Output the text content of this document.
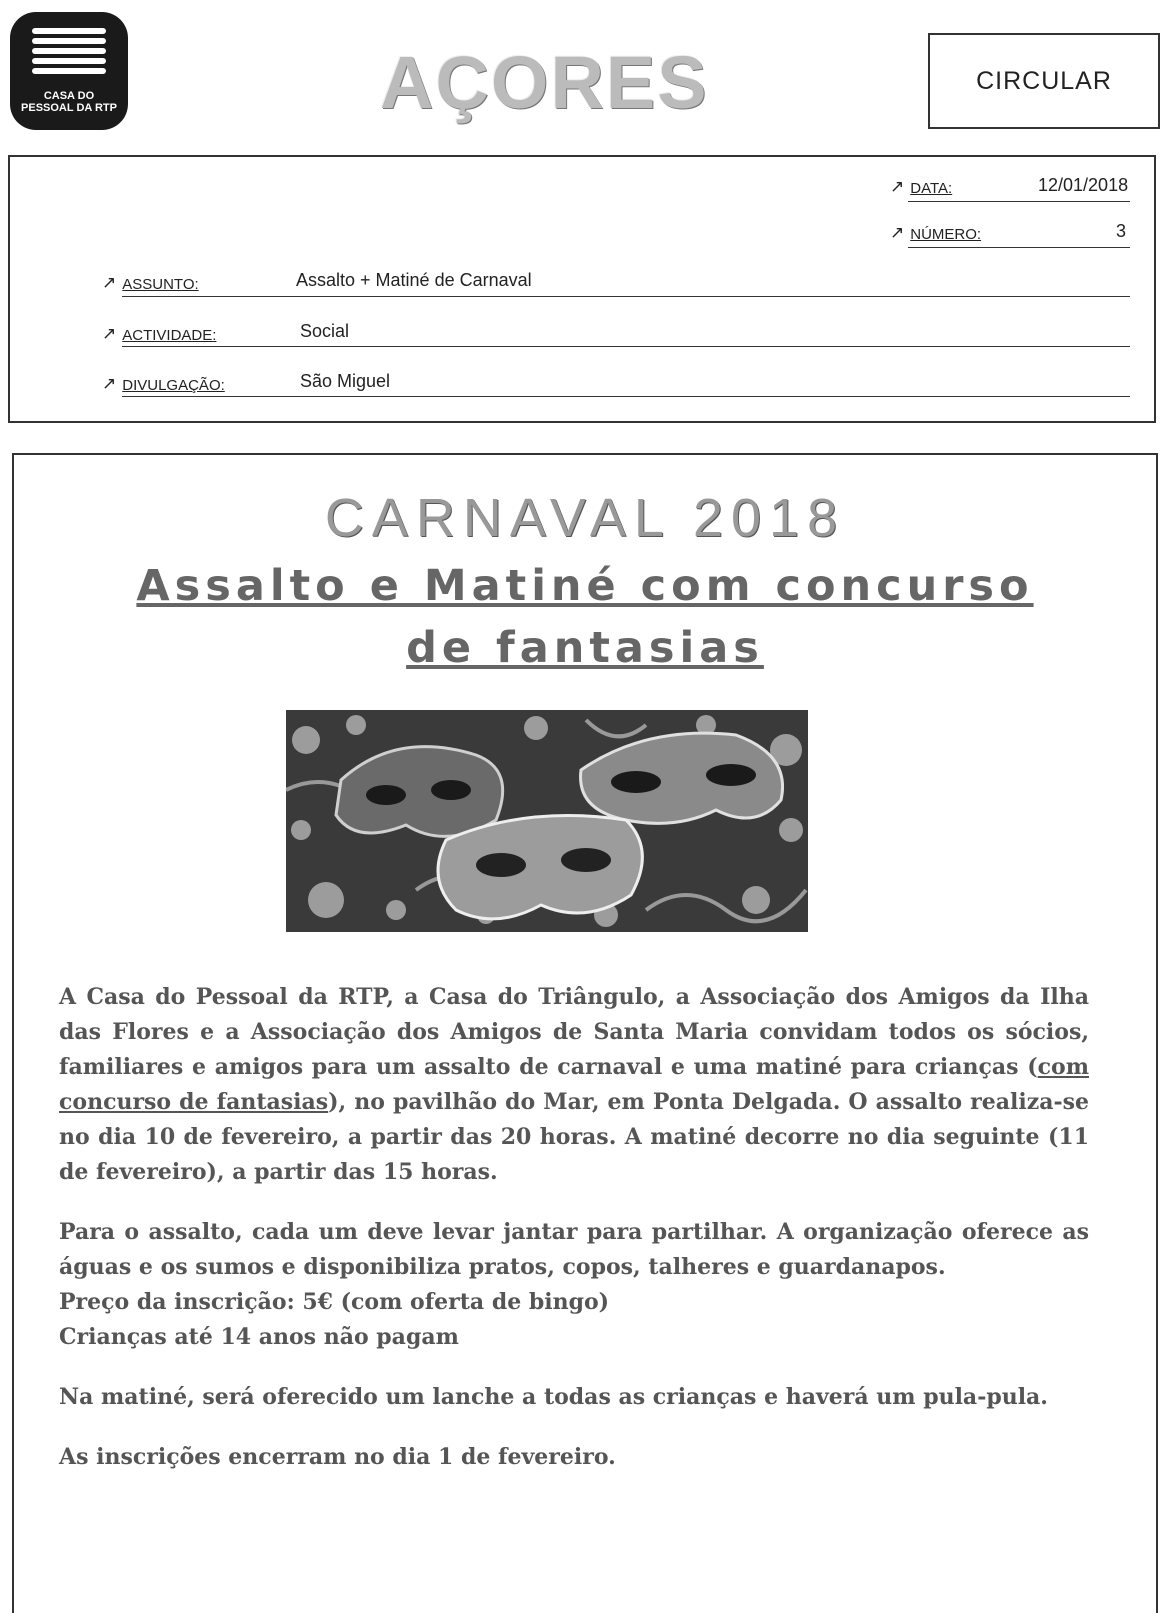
CASA DO
PESSOAL DA RTP	AÇORES	CIRCULAR
↗ DATA:	12/01/2018
↗ NÚMERO:	3
↗ ASSUNTO:	Assalto + Matiné de Carnaval
↗ ACTIVIDADE:	Social
↗ DIVULGAÇÃO:	São Miguel
CARNAVAL 2018
Assalto e Matiné com concurso
de fantasias

A Casa do Pessoal da RTP, a Casa do Triângulo, a Associação dos Amigos da Ilha das Flores e a Associação dos Amigos de Santa Maria convidam todos os sócios, familiares e amigos para um assalto de carnaval e uma matiné para crianças (com concurso de fantasias), no pavilhão do Mar, em Ponta Delgada. O assalto realiza-se no dia 10 de fevereiro, a partir das 20 horas. A matiné decorre no dia seguinte (11 de fevereiro), a partir das 15 horas.

Para o assalto, cada um deve levar jantar para partilhar. A organização oferece as águas e os sumos e disponibiliza pratos, copos, talheres e guardanapos.

Preço da inscrição: 5€ (com oferta de bingo)

Crianças até 14 anos não pagam

Na matiné, será oferecido um lanche a todas as crianças e haverá um pula-pula.

As inscrições encerram no dia 1 de fevereiro.
